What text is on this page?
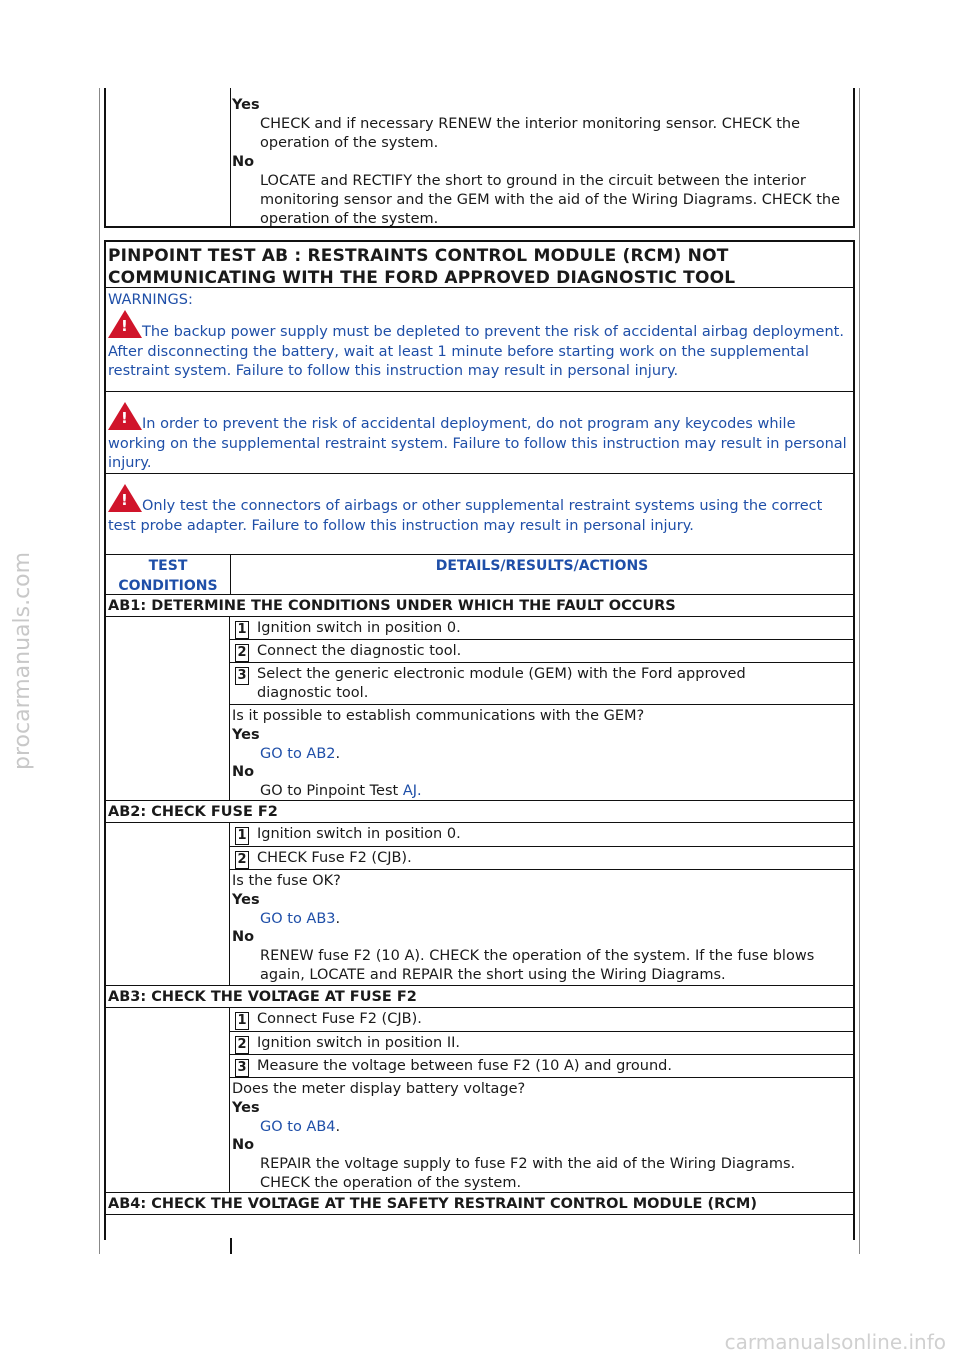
procarmanuals.com
carmanualsonline.info
Yes
CHECK and if necessary RENEW the interior monitoring sensor. CHECK the operation of the system.
No
LOCATE and RECTIFY the short to ground in the circuit between the interior monitoring sensor and the GEM with the aid of the Wiring Diagrams. CHECK the operation of the system.
PINPOINT TEST AB : RESTRAINTS CONTROL MODULE (RCM) NOT COMMUNICATING WITH THE FORD APPROVED DIAGNOSTIC TOOL
WARNINGS:
! The backup power supply must be depleted to prevent the risk of accidental airbag deployment. After disconnecting the battery, wait at least 1 minute before starting work on the supplemental restraint system. Failure to follow this instruction may result in personal injury.
! In order to prevent the risk of accidental deployment, do not program any keycodes while working on the supplemental restraint system. Failure to follow this instruction may result in personal injury.
! Only test the connectors of airbags or other supplemental restraint systems using the correct test probe adapter. Failure to follow this instruction may result in personal injury.
TEST CONDITIONS
DETAILS/RESULTS/ACTIONS
AB1: DETERMINE THE CONDITIONS UNDER WHICH THE FAULT OCCURS
1 Ignition switch in position 0.
2 Connect the diagnostic tool.
3 Select the generic electronic module (GEM) with the Ford approved diagnostic tool.
Is it possible to establish communications with the GEM?
Yes
GO to AB2.
No
GO to Pinpoint Test AJ.
AB2: CHECK FUSE F2
1 Ignition switch in position 0.
2 CHECK Fuse F2 (CJB).
Is the fuse OK?
Yes
GO to AB3.
No
RENEW fuse F2 (10 A). CHECK the operation of the system. If the fuse blows again, LOCATE and REPAIR the short using the Wiring Diagrams.
AB3: CHECK THE VOLTAGE AT FUSE F2
1 Connect Fuse F2 (CJB).
2 Ignition switch in position II.
3 Measure the voltage between fuse F2 (10 A) and ground.
Does the meter display battery voltage?
Yes
GO to AB4.
No
REPAIR the voltage supply to fuse F2 with the aid of the Wiring Diagrams. CHECK the operation of the system.
AB4: CHECK THE VOLTAGE AT THE SAFETY RESTRAINT CONTROL MODULE (RCM)
